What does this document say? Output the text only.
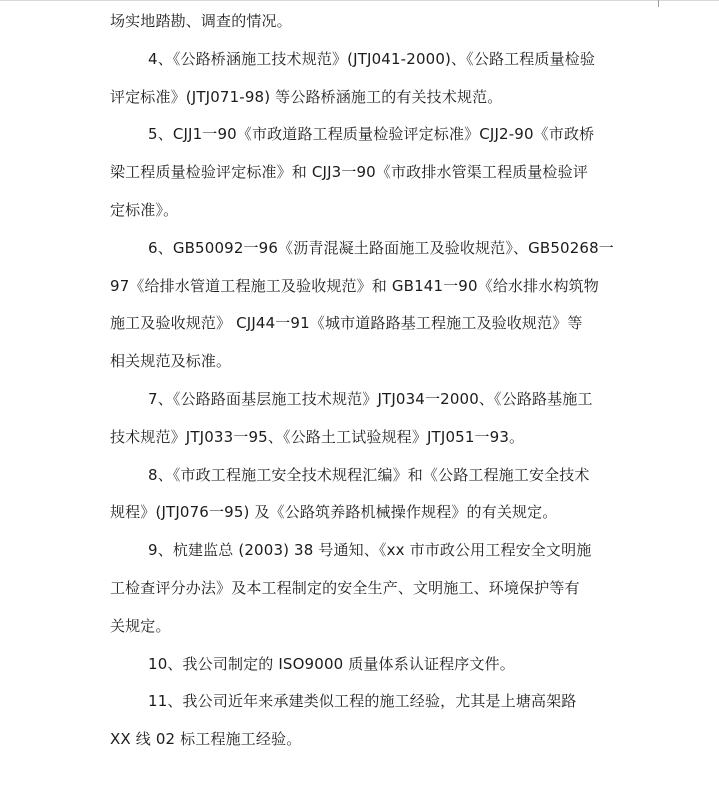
场实地踏勘、调查的情况。
4、《公路桥涵施工技术规范》(JTJ041-2000)、《公路工程质量检验
评定标准》(JTJ071-98) 等公路桥涵施工的有关技术规范。
5、CJJ1一90《市政道路工程质量检验评定标准》CJJ2-90《市政桥
梁工程质量检验评定标准》和 CJJ3一90《市政排水管渠工程质量检验评
定标准》。
6、GB50092一96《沥青混凝土路面施工及验收规范》、GB50268一
97《给排水管道工程施工及验收规范》和 GB141一90《给水排水构筑物
施工及验收规范》 CJJ44一91《城市道路路基工程施工及验收规范》等
相关规范及标准。
7、《公路路面基层施工技术规范》JTJ034一2000、《公路路基施工
技术规范》JTJ033一95、《公路土工试验规程》JTJ051一93。
8、《市政工程施工安全技术规程汇编》和《公路工程施工安全技术
规程》(JTJ076一95) 及《公路筑养路机械操作规程》的有关规定。
9、杭建监总 (2003) 38 号通知、《xx 市市政公用工程安全文明施
工检查评分办法》及本工程制定的安全生产、文明施工、环境保护等有
关规定。
10、我公司制定的 ISO9000 质量体系认证程序文件。
11、我公司近年来承建类似工程的施工经验，尤其是上塘高架路
XX 线 02 标工程施工经验。
